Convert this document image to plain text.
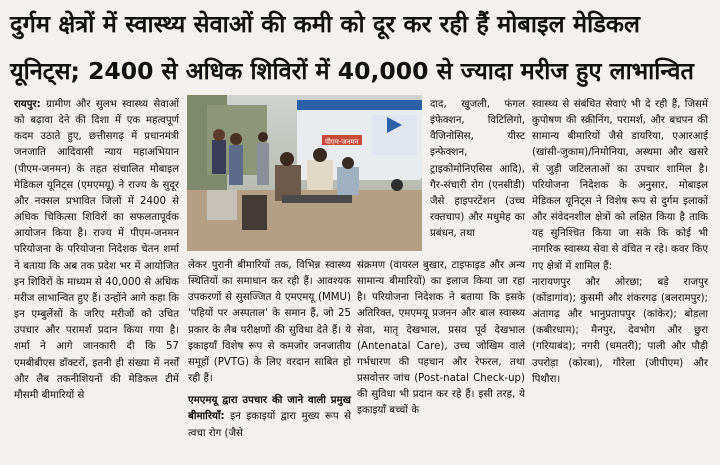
दुर्गम क्षेत्रों में स्वास्थ्य सेवाओं की कमी को दूर कर रही हैं मोबाइल मेडिकल
यूनिट्स; 2400 से अधिक शिविरों में 40,000 से ज्यादा मरीज हुए लाभान्वित

रायपुर: ग्रामीण और सुलभ स्वास्थ्य सेवाओं को बढ़ावा देने की दिशा में एक महत्वपूर्ण कदम उठाते हुए, छत्तीसगढ़ में प्रधानमंत्री जनजाति आदिवासी न्याय महाअभियान (पीएम-जनमन) के तहत संचालित मोबाइल मेडिकल यूनिट्स (एमएमयू) ने राज्य के सुदूर और नक्सल प्रभावित जिलों में 2400 से अधिक चिकित्सा शिविरों का सफलतापूर्वक आयोजन किया है। राज्य में पीएम-जनमन परियोजना के परियोजना निदेशक चेतन शर्मा ने बताया कि अब तक प्रदेश भर में आयोजित इन शिविरों के माध्यम से 40,000 से अधिक मरीज लाभान्वित हुए हैं। उन्होंने आगे कहा कि इन एम्बुलेंसों के जरिए मरीजों को उचित उपचार और परामर्श प्रदान किया गया है। शर्मा ने आगे जानकारी दी कि 57 एमबीबीएस डॉक्टरों, इतनी ही संख्या में नर्सों और लैब तकनीशियनों की मेडिकल टीमें मौसमी बीमारियों से

पीएम-जनमन

लेकर पुरानी बीमारियों तक, विभिन्न स्वास्थ्य स्थितियों का समाधान कर रही हैं। आवश्यक उपकरणों से सुसज्जित ये एमएमयू (MMU) 'पहियों पर अस्पताल' के समान हैं, जो 25 प्रकार के लैब परीक्षणों की सुविधा देते हैं। ये इकाइयाँ विशेष रूप से कमजोर जनजातीय समूहों (PVTG) के लिए वरदान साबित हो रही हैं।

एमएमयू द्वारा उपचार की जाने वाली प्रमुख बीमारियाँ: इन इकाइयों द्वारा मुख्य रूप से त्वचा रोग (जैसे

दाद, खुजली, फंगल इंफेक्शन, विटिलिगो, वैजिनोसिस, यीस्ट इन्फेक्शन, ट्राइकोमोनिएसिस आदि), गैर-संचारी रोग (एनसीडी) जैसे हाइपरटेंशन (उच्च रक्तचाप) और मधुमेह का प्रबंधन, तथा

संक्रमण (वायरल बुखार, टाइफाइड और अन्य सामान्य बीमारियों) का इलाज किया जा रहा है। परियोजना निदेशक ने बताया कि इसके अतिरिक्त, एमएमयू प्रजनन और बाल स्वास्थ्य सेवा, मातृ देखभाल, प्रसव पूर्व देखभाल (Antenatal Care), उच्च जोखिम वाले गर्भधारण की पहचान और रेफरल, तथा प्रसवोत्तर जांच (Post-natal Check-up) की सुविधा भी प्रदान कर रहे हैं। इसी तरह, ये इकाइयाँ बच्चों के

स्वास्थ्य से संबंधित सेवाएं भी दे रही हैं, जिसमें कुपोषण की स्क्रीनिंग, परामर्श, और बचपन की सामान्य बीमारियों जैसे डायरिया, एआरआई (खांसी-जुकाम)/निमोनिया, अस्थमा और खसरे से जुड़ी जटिलताओं का उपचार शामिल है। परियोजना निदेशक के अनुसार, मोबाइल मेडिकल यूनिट्स ने विशेष रूप से दुर्गम इलाकों और संवेदनशील क्षेत्रों को लक्षित किया है ताकि यह सुनिश्चित किया जा सके कि कोई भी नागरिक स्वास्थ्य सेवा से वंचित न रहे। कवर किए गए क्षेत्रों में शामिल हैं:

नारायणपुर और ओरछा; बड़े राजपुर (कोंडागांव); कुसमी और शंकरगढ़ (बलरामपुर); अंतागढ़ और भानुप्रतापपुर (कांकेर); बोडला (कबीरधाम); मैनपुर, देवभोग और छुरा (गरियाबंद); नगरी (धमतरी); पाली और पौड़ी उपरोड़ा (कोरबा), गौरेला (जीपीएम) और पिथौरा।
